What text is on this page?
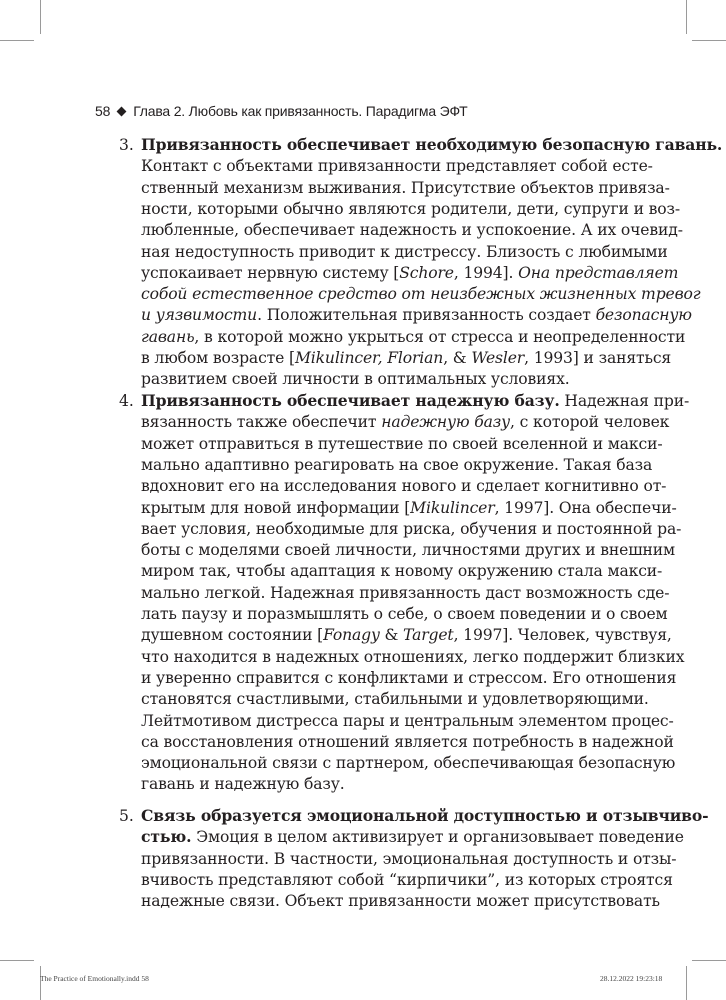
58 Глава 2. Любовь как привязанность. Парадигма ЭФТ
3. Привязанность обеспечивает необходимую безопасную гавань.
Контакт с объектами привязанности представляет собой есте-
ственный механизм выживания. Присутствие объектов привяза-
ности, которыми обычно являются родители, дети, супруги и воз-
любленные, обеспечивает надежность и успокоение. А их очевид-
ная недоступность приводит к дистрессу. Близость с любимыми
успокаивает нервную систему [Schore, 1994]. Она представляет
собой естественное средство от неизбежных жизненных тревог
и уязвимости. Положительная привязанность создает безопасную
гавань, в которой можно укрыться от стресса и неопределенности
в любом возрасте [Mikulincer, Florian, & Wesler, 1993] и заняться
развитием своей личности в оптимальных условиях.
4. Привязанность обеспечивает надежную базу. Надежная при-
вязанность также обеспечит надежную базу, с которой человек
может отправиться в путешествие по своей вселенной и макси-
мально адаптивно реагировать на свое окружение. Такая база
вдохновит его на исследования нового и сделает когнитивно от-
крытым для новой информации [Mikulincer, 1997]. Она обеспечи-
вает условия, необходимые для риска, обучения и постоянной ра-
боты с моделями своей личности, личностями других и внешним
миром так, чтобы адаптация к новому окружению стала макси-
мально легкой. Надежная привязанность даст возможность сде-
лать паузу и поразмышлять о себе, о своем поведении и о своем
душевном состоянии [Fonagy & Target, 1997]. Человек, чувствуя,
что находится в надежных отношениях, легко поддержит близких
и уверенно справится с конфликтами и стрессом. Его отношения
становятся счастливыми, стабильными и удовлетворяющими.
Лейтмотивом дистресса пары и центральным элементом процес-
са восстановления отношений является потребность в надежной
эмоциональной связи с партнером, обеспечивающая безопасную
гавань и надежную базу.
5. Связь образуется эмоциональной доступностью и отзывчиво-
стью. Эмоция в целом активизирует и организовывает поведение
привязанности. В частности, эмоциональная доступность и отзы-
вчивость представляют собой “кирпичики”, из которых строятся
надежные связи. Объект привязанности может присутствовать
The Practice of Emotionally.indd 58	28.12.2022 19:23:18
